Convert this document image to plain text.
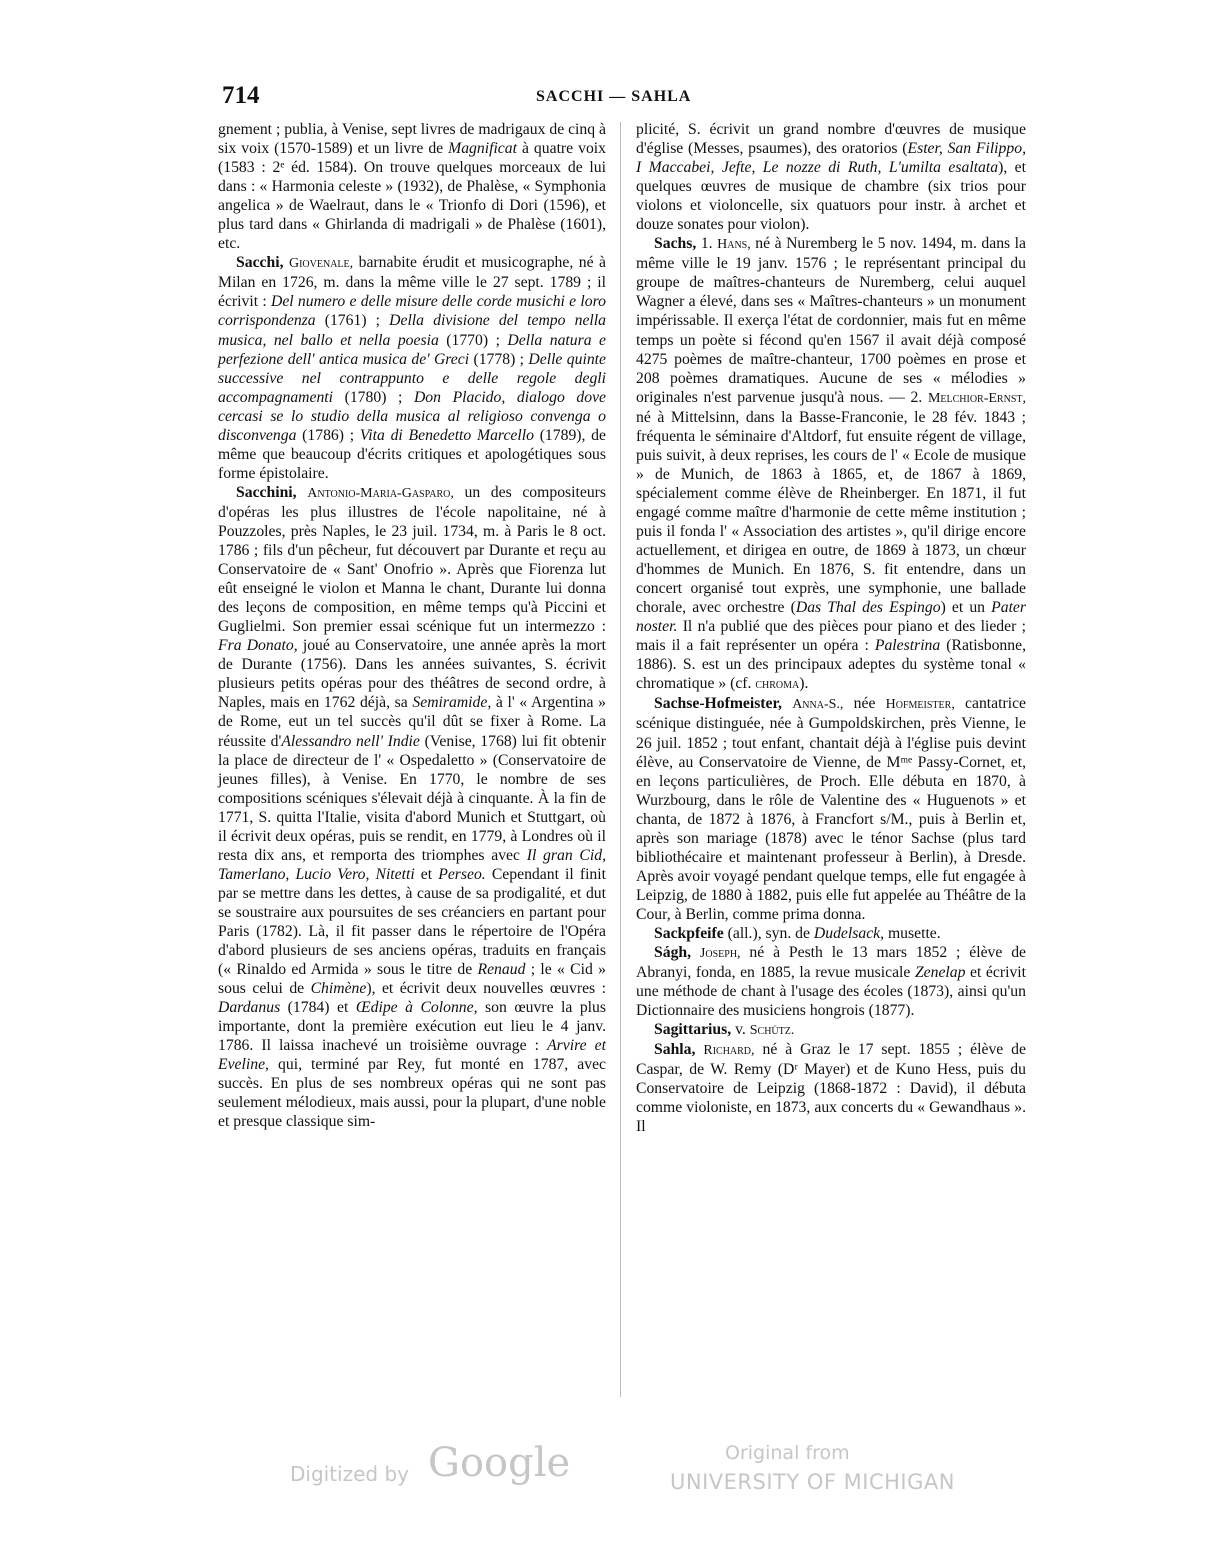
714	SACCHI — SAHLA

gnement ; publia, à Venise, sept livres de madrigaux de cinq à six voix (1570-1589) et un livre de Magnificat à quatre voix (1583 : 2ᵉ éd. 1584). On trouve quelques morceaux de lui dans : « Harmonia celeste » (1932), de Phalèse, « Symphonia angelica » de Waelraut, dans le « Trionfo di Dori (1596), et plus tard dans « Ghirlanda di madrigali » de Phalèse (1601), etc.

Sacchi, Giovenale, barnabite érudit et musicographe, né à Milan en 1726, m. dans la même ville le 27 sept. 1789 ; il écrivit : Del numero e delle misure delle corde musichi e loro corrispondenza (1761) ; Della divisione del tempo nella musica, nel ballo et nella poesia (1770) ; Della natura e perfezione dell' antica musica de' Greci (1778) ; Delle quinte successive nel contrappunto e delle regole degli accompagnamenti (1780) ; Don Placido, dialogo dove cercasi se lo studio della musica al religioso convenga o disconvenga (1786) ; Vita di Benedetto Marcello (1789), de même que beaucoup d'écrits critiques et apologétiques sous forme épistolaire.

Sacchini, Antonio-Maria-Gasparo, un des compositeurs d'opéras les plus illustres de l'école napolitaine, né à Pouzzoles, près Naples, le 23 juil. 1734, m. à Paris le 8 oct. 1786 ; fils d'un pêcheur, fut découvert par Durante et reçu au Conservatoire de « Sant' Onofrio ». Après que Fiorenza lut eût enseigné le violon et Manna le chant, Durante lui donna des leçons de composition, en même temps qu'à Piccini et Guglielmi. Son premier essai scénique fut un intermezzo : Fra Donato, joué au Conservatoire, une année après la mort de Durante (1756). Dans les années suivantes, S. écrivit plusieurs petits opéras pour des théâtres de second ordre, à Naples, mais en 1762 déjà, sa Semiramide, à l' « Argentina » de Rome, eut un tel succès qu'il dût se fixer à Rome. La réussite d'Alessandro nell' Indie (Venise, 1768) lui fit obtenir la place de directeur de l' « Ospedaletto » (Conservatoire de jeunes filles), à Venise. En 1770, le nombre de ses compositions scéniques s'élevait déjà à cinquante. À la fin de 1771, S. quitta l'Italie, visita d'abord Munich et Stuttgart, où il écrivit deux opéras, puis se rendit, en 1779, à Londres où il resta dix ans, et remporta des triomphes avec Il gran Cid, Tamerlano, Lucio Vero, Nitetti et Perseo. Cependant il finit par se mettre dans les dettes, à cause de sa prodigalité, et dut se soustraire aux poursuites de ses créanciers en partant pour Paris (1782). Là, il fit passer dans le répertoire de l'Opéra d'abord plusieurs de ses anciens opéras, traduits en français (« Rinaldo ed Armida » sous le titre de Renaud ; le « Cid » sous celui de Chimène), et écrivit deux nouvelles œuvres : Dardanus (1784) et Œdipe à Colonne, son œuvre la plus importante, dont la première exécution eut lieu le 4 janv. 1786. Il laissa inachevé un troisième ouvrage : Arvire et Eveline, qui, terminé par Rey, fut monté en 1787, avec succès. En plus de ses nombreux opéras qui ne sont pas seulement mélodieux, mais aussi, pour la plupart, d'une noble et presque classique sim-

plicité, S. écrivit un grand nombre d'œuvres de musique d'église (Messes, psaumes), des oratorios (Ester, San Filippo, I Maccabei, Jefte, Le nozze di Ruth, L'umilta esaltata), et quelques œuvres de musique de chambre (six trios pour violons et violoncelle, six quatuors pour instr. à archet et douze sonates pour violon).

Sachs, 1. Hans, né à Nuremberg le 5 nov. 1494, m. dans la même ville le 19 janv. 1576 ; le représentant principal du groupe de maîtres-chanteurs de Nuremberg, celui auquel Wagner a élevé, dans ses « Maîtres-chanteurs » un monument impérissable. Il exerça l'état de cordonnier, mais fut en même temps un poète si fécond qu'en 1567 il avait déjà composé 4275 poèmes de maître-chanteur, 1700 poèmes en prose et 208 poèmes dramatiques. Aucune de ses « mélodies » originales n'est parvenue jusqu'à nous. — 2. Melchior-Ernst, né à Mittelsinn, dans la Basse-Franconie, le 28 fév. 1843 ; fréquenta le séminaire d'Altdorf, fut ensuite régent de village, puis suivit, à deux reprises, les cours de l' « Ecole de musique » de Munich, de 1863 à 1865, et, de 1867 à 1869, spécialement comme élève de Rheinberger. En 1871, il fut engagé comme maître d'harmonie de cette même institution ; puis il fonda l' « Association des artistes », qu'il dirige encore actuellement, et dirigea en outre, de 1869 à 1873, un chœur d'hommes de Munich. En 1876, S. fit entendre, dans un concert organisé tout exprès, une symphonie, une ballade chorale, avec orchestre (Das Thal des Espingo) et un Pater noster. Il n'a publié que des pièces pour piano et des lieder ; mais il a fait représenter un opéra : Palestrina (Ratisbonne, 1886). S. est un des principaux adeptes du système tonal « chromatique » (cf. chroma).

Sachse-Hofmeister, Anna-S., née Hofmeister, cantatrice scénique distinguée, née à Gumpoldskirchen, près Vienne, le 26 juil. 1852 ; tout enfant, chantait déjà à l'église puis devint élève, au Conservatoire de Vienne, de Mᵐᵉ Passy-Cornet, et, en leçons particulières, de Proch. Elle débuta en 1870, à Wurzbourg, dans le rôle de Valentine des « Huguenots » et chanta, de 1872 à 1876, à Francfort s/M., puis à Berlin et, après son mariage (1878) avec le ténor Sachse (plus tard bibliothécaire et maintenant professeur à Berlin), à Dresde. Après avoir voyagé pendant quelque temps, elle fut engagée à Leipzig, de 1880 à 1882, puis elle fut appelée au Théâtre de la Cour, à Berlin, comme prima donna.

Sackpfeife (all.), syn. de Dudelsack, musette.

Ságh, Joseph, né à Pesth le 13 mars 1852 ; élève de Abranyi, fonda, en 1885, la revue musicale Zenelap et écrivit une méthode de chant à l'usage des écoles (1873), ainsi qu'un Dictionnaire des musiciens hongrois (1877).

Sagittarius, v. Schütz.

Sahla, Richard, né à Graz le 17 sept. 1855 ; élève de Caspar, de W. Remy (Dʳ Mayer) et de Kuno Hess, puis du Conservatoire de Leipzig (1868-1872 : David), il débuta comme violoniste, en 1873, aux concerts du « Gewandhaus ». Il

Digitized by Google	Original from
UNIVERSITY OF MICHIGAN
